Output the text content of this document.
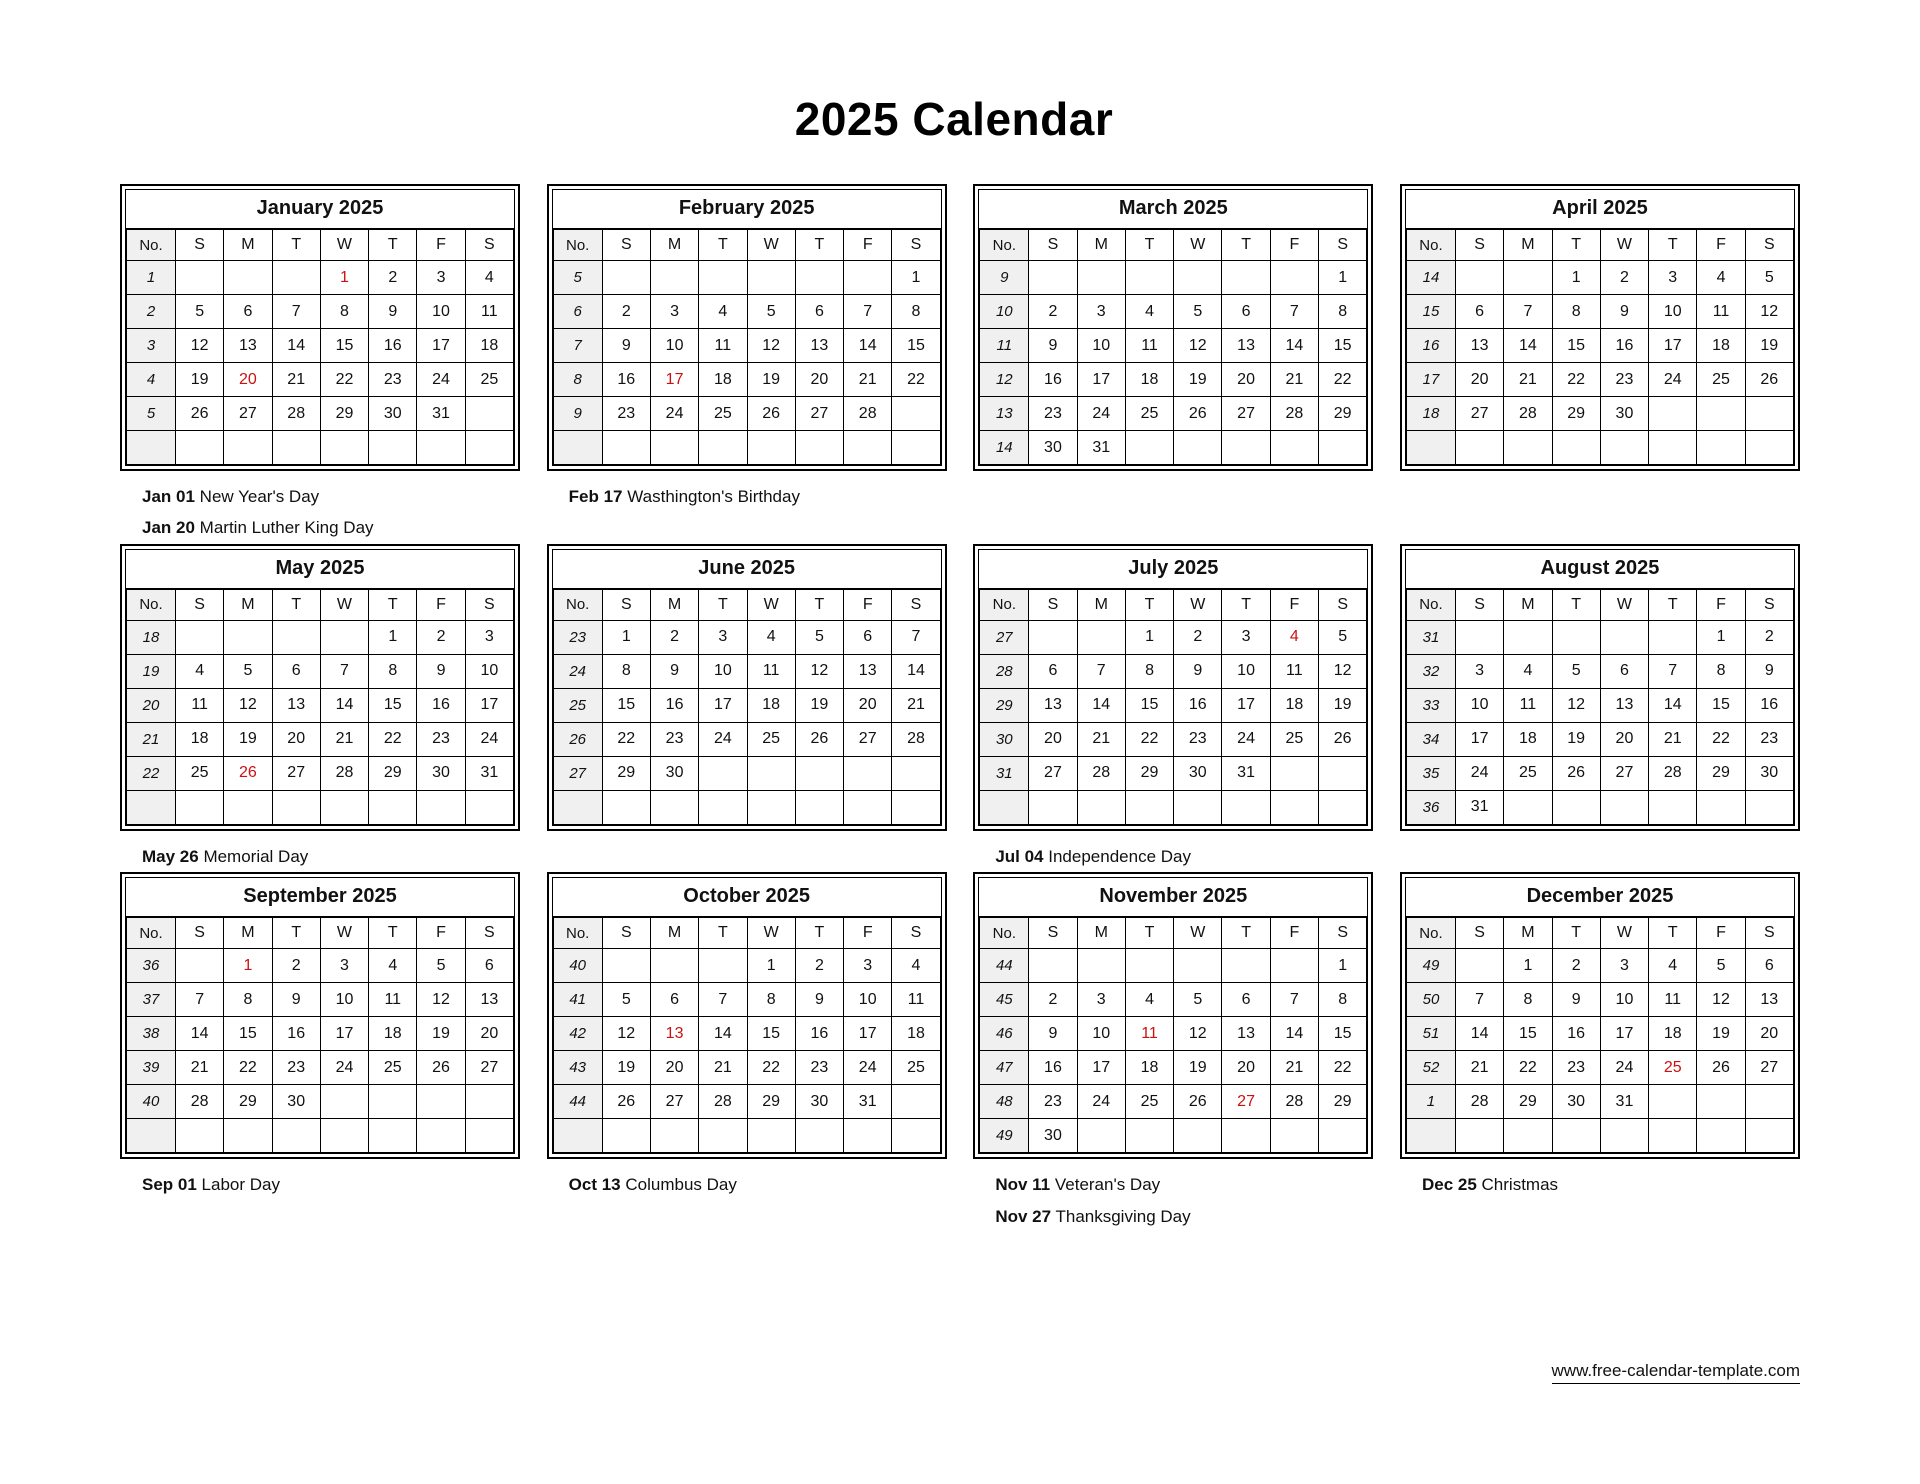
2025 Calendar
January 2025
No.	S	M	T	W	T	F	S
1				1	2	3	4
2	5	6	7	8	9	10	11
3	12	13	14	15	16	17	18
4	19	20	21	22	23	24	25
5	26	27	28	29	30	31	

Jan 01 New Year's Day
Jan 20 Martin Luther King Day
February 2025
No.	S	M	T	W	T	F	S
5							1
6	2	3	4	5	6	7	8
7	9	10	11	12	13	14	15
8	16	17	18	19	20	21	22
9	23	24	25	26	27	28	

Feb 17 Wasthington's Birthday
March 2025
No.	S	M	T	W	T	F	S
9							1
10	2	3	4	5	6	7	8
11	9	10	11	12	13	14	15
12	16	17	18	19	20	21	22
13	23	24	25	26	27	28	29
14	30	31					
April 2025
No.	S	M	T	W	T	F	S
14			1	2	3	4	5
15	6	7	8	9	10	11	12
16	13	14	15	16	17	18	19
17	20	21	22	23	24	25	26
18	27	28	29	30			

May 2025
No.	S	M	T	W	T	F	S
18					1	2	3
19	4	5	6	7	8	9	10
20	11	12	13	14	15	16	17
21	18	19	20	21	22	23	24
22	25	26	27	28	29	30	31

May 26 Memorial Day
June 2025
No.	S	M	T	W	T	F	S
23	1	2	3	4	5	6	7
24	8	9	10	11	12	13	14
25	15	16	17	18	19	20	21
26	22	23	24	25	26	27	28
27	29	30					

July 2025
No.	S	M	T	W	T	F	S
27			1	2	3	4	5
28	6	7	8	9	10	11	12
29	13	14	15	16	17	18	19
30	20	21	22	23	24	25	26
31	27	28	29	30	31		

Jul 04 Independence Day
August 2025
No.	S	M	T	W	T	F	S
31						1	2
32	3	4	5	6	7	8	9
33	10	11	12	13	14	15	16
34	17	18	19	20	21	22	23
35	24	25	26	27	28	29	30
36	31						
September 2025
No.	S	M	T	W	T	F	S
36		1	2	3	4	5	6
37	7	8	9	10	11	12	13
38	14	15	16	17	18	19	20
39	21	22	23	24	25	26	27
40	28	29	30				

Sep 01 Labor Day
October 2025
No.	S	M	T	W	T	F	S
40				1	2	3	4
41	5	6	7	8	9	10	11
42	12	13	14	15	16	17	18
43	19	20	21	22	23	24	25
44	26	27	28	29	30	31	

Oct 13 Columbus Day
November 2025
No.	S	M	T	W	T	F	S
44							1
45	2	3	4	5	6	7	8
46	9	10	11	12	13	14	15
47	16	17	18	19	20	21	22
48	23	24	25	26	27	28	29
49	30						
Nov 11 Veteran's Day
Nov 27 Thanksgiving Day
December 2025
No.	S	M	T	W	T	F	S
49		1	2	3	4	5	6
50	7	8	9	10	11	12	13
51	14	15	16	17	18	19	20
52	21	22	23	24	25	26	27
1	28	29	30	31			

Dec 25 Christmas
www.free-calendar-template.com
